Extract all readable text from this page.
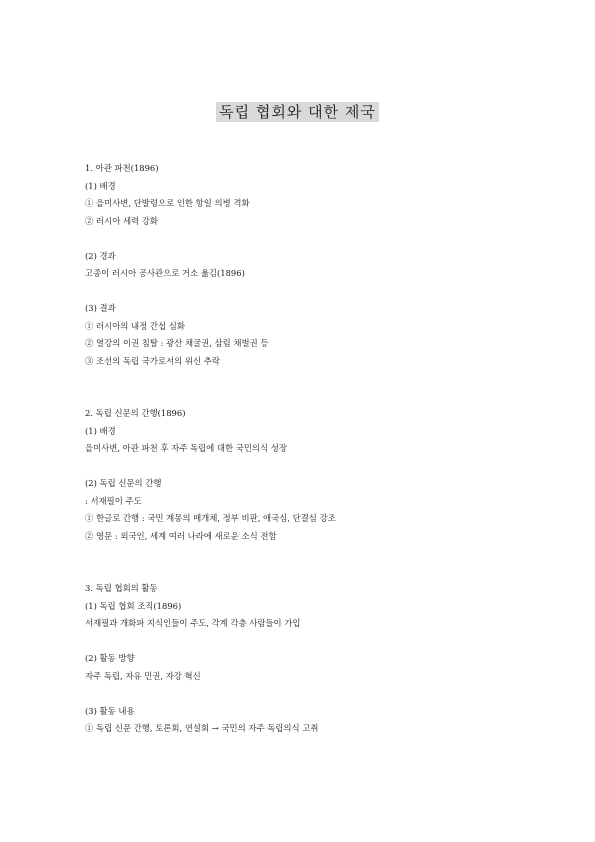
독립 협회와 대한 제국
1. 아관 파천(1896)
(1) 배경
① 을미사변, 단발령으로 인한 항일 의병 격화
② 러시아 세력 강화
(2) 경과
고종이 러시아 공사관으로 거소 옮김(1896)
(3) 결과
① 러시아의 내정 간섭 심화
② 열강의 이권 침탈 : 광산 채굴권, 삼림 채벌권 등
③ 조선의 독립 국가로서의 위신 추락
2. 독립 신문의 간행(1896)
(1) 배경
을미사변, 아관 파천 후 자주 독립에 대한 국민의식 성장
(2) 독립 신문의 간행
: 서재필이 주도
① 한글로 간행 : 국민 계몽의 매개체, 정부 비판, 애국심, 단결심 강조
② 영문 : 외국인, 세계 여러 나라에 새로운 소식 전함
3. 독립 협회의 활동
(1) 독립 협회 조직(1896)
서재필과 개화파 지식인들이 주도, 각계 각층 사람들이 가입
(2) 활동 방향
자주 독립, 자유 민권, 자강 혁신
(3) 활동 내용
① 독립 신문 간행, 토론회, 연설회 → 국민의 자주 독립의식 고취
